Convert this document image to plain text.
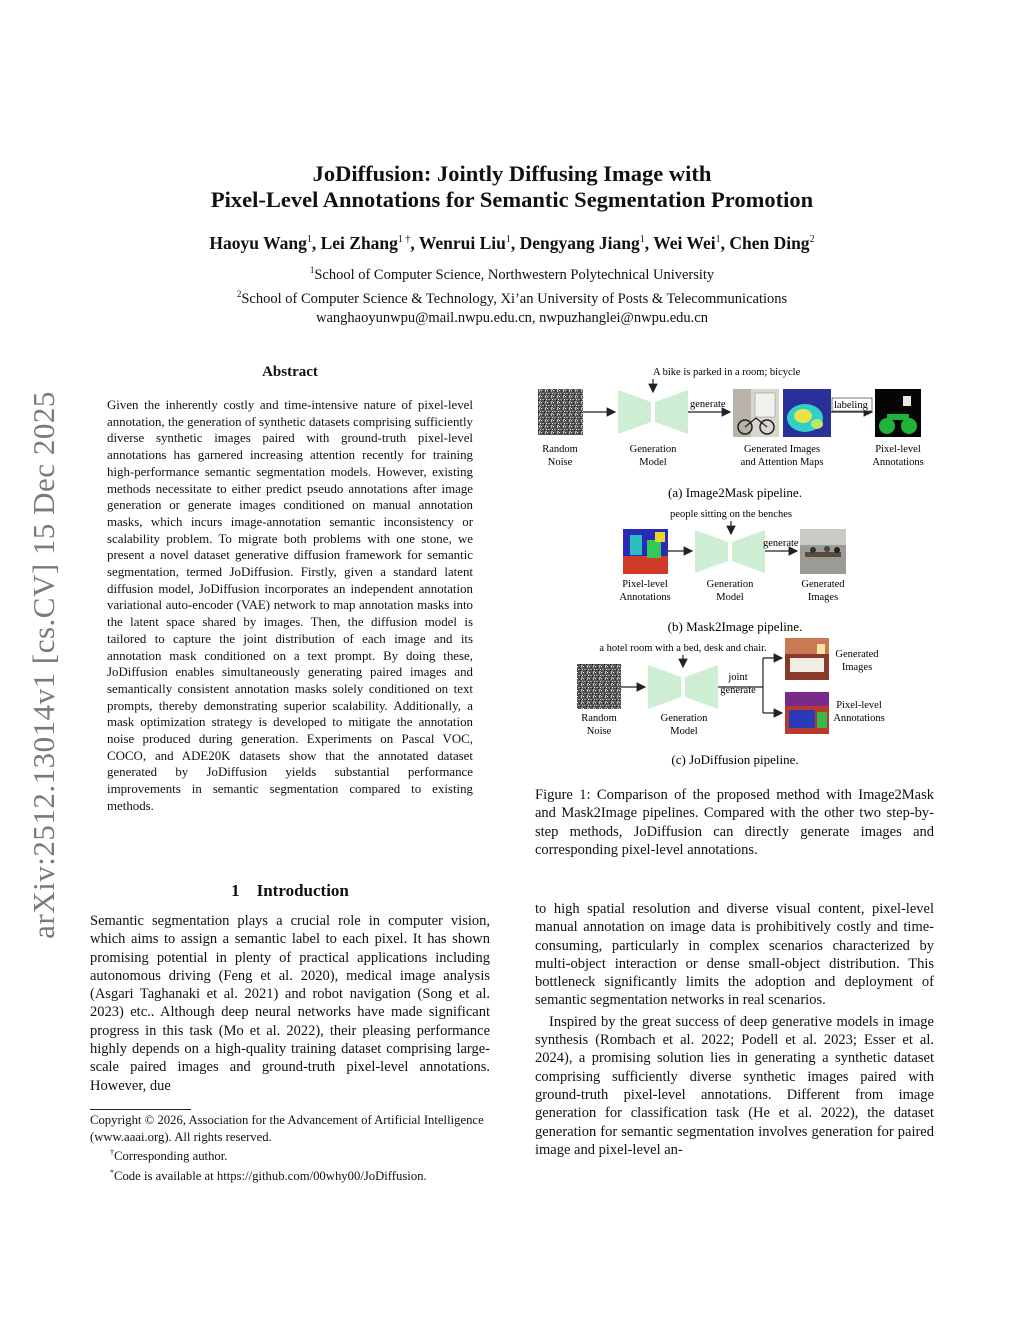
arXiv:2512.13014v1 [cs.CV] 15 Dec 2025
JoDiffusion: Jointly Diffusing Image with
Pixel-Level Annotations for Semantic Segmentation Promotion
Haoyu Wang$^1$, Lei Zhang$^{1 \dagger}$, Wenrui Liu$^1$, Dengyang Jiang$^1$, Wei Wei$^1$, Chen Ding$^2$
$^1$School of Computer Science, Northwestern Polytechnical University
$^2$School of Computer Science & Technology, Xi’an University of Posts & Telecommunications
wanghaoyunwpu@mail.nwpu.edu.cn, nwpuzhanglei@nwpu.edu.cn
Abstract
Given the inherently costly and time-intensive nature of pixel-level annotation, the generation of synthetic datasets comprising sufficiently diverse synthetic images paired with ground-truth pixel-level annotations has garnered increasing attention recently for training high-performance semantic segmentation models. However, existing methods necessitate to either predict pseudo annotations after image generation or generate images conditioned on manual annotation masks, which incurs image-annotation semantic inconsistency or scalability problem. To migrate both problems with one stone, we present a novel dataset generative diffusion framework for semantic segmentation, termed JoDiffusion. Firstly, given a standard latent diffusion model, JoDiffusion incorporates an independent annotation variational auto-encoder (VAE) network to map annotation masks into the latent space shared by images. Then, the diffusion model is tailored to capture the joint distribution of each image and its annotation mask conditioned on a text prompt. By doing these, JoDiffusion enables simultaneously generating paired images and semantically consistent annotation masks solely conditioned on text prompts, thereby demonstrating superior scalability. Additionally, a mask optimization strategy is developed to mitigate the annotation noise produced during generation. Experiments on Pascal VOC, COCO, and ADE20K datasets show that the annotated dataset generated by JoDiffusion yields substantial performance improvements in semantic segmentation compared to existing methods.
1    Introduction

Semantic segmentation plays a crucial role in computer vision, which aims to assign a semantic label to each pixel. It has shown promising potential in plenty of practical applications including autonomous driving (Feng et al. 2020), medical image analysis (Asgari Taghanaki et al. 2021) and robot navigation (Song et al. 2023) etc.. Although deep neural networks have made significant progress in this task (Mo et al. 2022), their pleasing performance highly depends on a high-quality training dataset comprising large-scale paired images and ground-truth pixel-level annotations. However, due

Copyright © 2026, Association for the Advancement of Artificial Intelligence (www.aaai.org). All rights reserved.

†Corresponding author.

*Code is available at https://github.com/00why00/JoDiffusion.

to high spatial resolution and diverse visual content, pixel-level manual annotation on image data is prohibitively costly and time-consuming, particularly in complex scenarios characterized by multi-object interaction or dense small-object distribution. This bottleneck significantly limits the adoption and deployment of semantic segmentation networks in real scenarios.

Inspired by the great success of deep generative models in image synthesis (Rombach et al. 2022; Podell et al. 2023; Esser et al. 2024), a promising solution lies in generating a synthetic dataset comprising sufficiently diverse synthetic images paired with ground-truth pixel-level annotations. Different from image generation for classification task (He et al. 2022), the dataset generation for semantic segmentation involves generation for paired image and pixel-level an-

A bike is parked in a room; bicycle
Random
Noise
Generation
Model
generate
Generated Images
and Attention Maps
labeling
Pixel-level
Annotations
(a) Image2Mask pipeline.
people sitting on the benches
generate
Pixel-level
Annotations
Generation
Model
Generated
Images
(b) Mask2Image pipeline.
a hotel room with a bed, desk and chair.
joint
generate
Generated
Images
Pixel-level
Annotations
Random
Noise
Generation
Model
(c) JoDiffusion pipeline.
Figure 1: Comparison of the proposed method with Image2Mask and Mask2Image pipelines. Compared with the other two step-by-step methods, JoDiffusion can directly generate images and corresponding pixel-level annotations.
